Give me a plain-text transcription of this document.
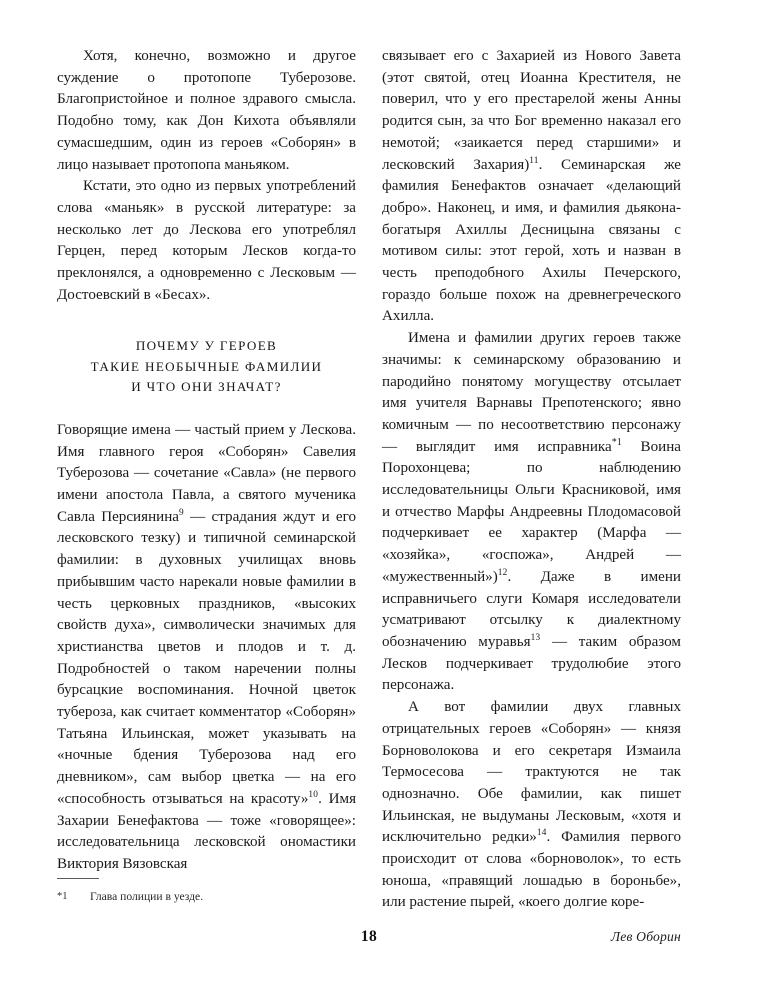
Хотя, конечно, возможно и другое суждение о протопопе Туберозове. Благопристойное и полное здравого смысла. Подобно тому, как Дон Кихота объявляли сумасшедшим, один из героев «Соборян» в лицо называет протопопа маньяком.

Кстати, это одно из первых употреблений слова «маньяк» в русской литературе: за несколько лет до Лескова его употреблял Герцен, перед которым Лесков когда-то преклонялся, а одновременно с Лесковым — Достоевский в «Бесах».

ПОЧЕМУ У ГЕРОЕВ
ТАКИЕ НЕОБЫЧНЫЕ ФАМИЛИИ
И ЧТО ОНИ ЗНАЧАТ?

Говорящие имена — частый прием у Лескова. Имя главного героя «Соборян» Савелия Туберозова — сочетание «Савла» (не первого имени апостола Павла, а святого мученика Савла Персиянина$^9$ — страдания ждут и его лесковского тезку) и типичной семинарской фамилии: в духовных училищах вновь прибывшим часто нарекали новые фамилии в честь церковных праздников, «высоких свойств духа», символически значимых для христианства цветов и плодов и т. д. Подробностей о таком наречении полны бурсацкие воспоминания. Ночной цветок тубероза, как считает комментатор «Соборян» Татьяна Ильинская, может указывать на «ночные бдения Туберозова над его дневником», сам выбор цветка — на его «способность отзываться на красоту»$^{10}$. Имя Захарии Бенефактова — тоже «говорящее»: исследовательница лесковской ономастики Виктория Вязовская

связывает его с Захарией из Нового Завета (этот святой, отец Иоанна Крестителя, не поверил, что у его престарелой жены Анны родится сын, за что Бог временно наказал его немотой; «заикается перед старшими» и лесковский Захария)$^{11}$. Семинарская же фамилия Бенефактов означает «делающий добро». Наконец, и имя, и фамилия дьякона-богатыря Ахиллы Десницына связаны с мотивом силы: этот герой, хоть и назван в честь преподобного Ахилы Печерского, гораздо больше похож на древнегреческого Ахилла.

Имена и фамилии других героев также значимы: к семинарскому образованию и пародийно понятому могуществу отсылает имя учителя Варнавы Препотенского; явно комичным — по несоответствию персонажу — выглядит имя исправника$^{*1}$ Воина Порохонцева; по наблюдению исследовательницы Ольги Красниковой, имя и отчество Марфы Андреевны Плодомасовой подчеркивает ее характер (Марфа — «хозяйка», «госпожа», Андрей — «мужественный»)$^{12}$. Даже в имени исправничьего слуги Комаря исследователи усматривают отсылку к диалектному обозначению муравья$^{13}$ — таким образом Лесков подчеркивает трудолюбие этого персонажа.

А вот фамилии двух главных отрицательных героев «Соборян» — князя Борноволокова и его секретаря Измаила Термосесова — трактуются не так однозначно. Обе фамилии, как пишет Ильинская, не выдуманы Лесковым, «хотя и исключительно редки»$^{14}$. Фамилия первого происходит от слова «борноволок», то есть юноша, «правящий лошадью в бороньбе», или растение пырей, «коего долгие коре-

*1	Глава полиции в уезде.
18	Лев Оборин
